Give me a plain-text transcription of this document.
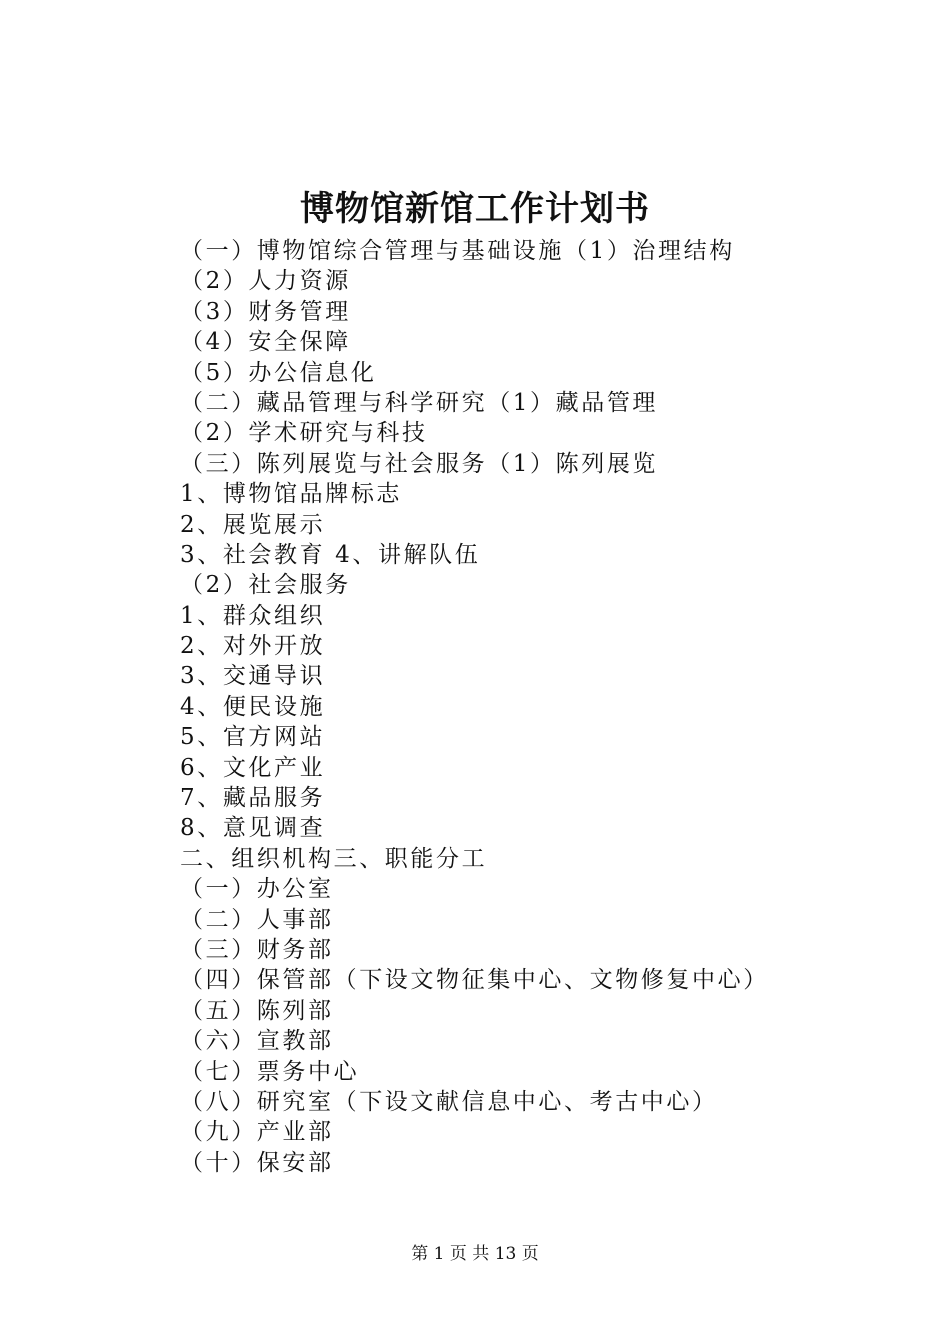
博物馆新馆工作计划书
（一）博物馆综合管理与基础设施（1）治理结构
（2）人力资源
（3）财务管理
（4）安全保障
（5）办公信息化
（二）藏品管理与科学研究（1）藏品管理
（2）学术研究与科技
（三）陈列展览与社会服务（1）陈列展览
1、博物馆品牌标志
2、展览展示
3、社会教育 4、讲解队伍
（2）社会服务
1、群众组织
2、对外开放
3、交通导识
4、便民设施
5、官方网站
6、文化产业
7、藏品服务
8、意见调查
二、组织机构三、职能分工
（一）办公室
（二）人事部
（三）财务部
（四）保管部（下设文物征集中心、文物修复中心）
（五）陈列部
（六）宣教部
（七）票务中心
（八）研究室（下设文献信息中心、考古中心）
（九）产业部
（十）保安部
第 1 页 共 13 页
